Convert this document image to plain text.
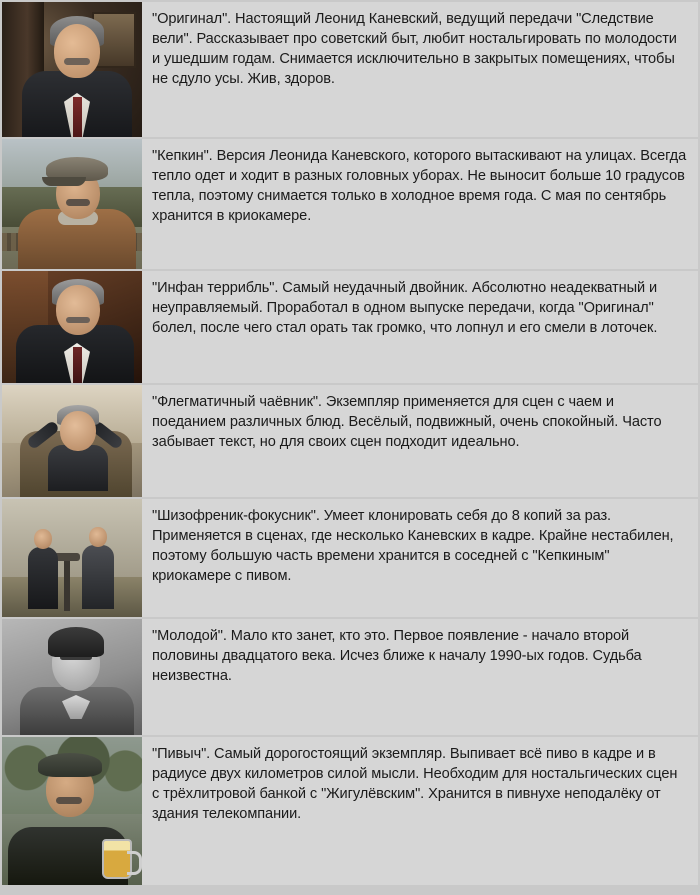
"Оригинал". Настоящий Леонид Каневский, ведущий передачи "Следствие вели". Рассказывает про советский быт, любит ностальгировать по молодости и ушедшим годам. Снимается исключительно в закрытых помещениях, чтобы не сдуло усы. Жив, здоров.

"Кепкин". Версия Леонида Каневского, которого вытаскивают на улицах. Всегда тепло одет и ходит в разных головных уборах. Не выносит больше 10 градусов тепла, поэтому снимается только в холодное время года. С мая по сентябрь хранится в криокамере.

"Инфан террибль". Самый неудачный двойник. Абсолютно неадекватный и неуправляемый. Проработал в одном выпуске передачи, когда "Оригинал" болел, после чего стал орать так громко, что лопнул и его смели в лоточек.

"Флегматичный чаёвник". Экземпляр применяется для сцен с чаем и поеданием различных блюд. Весёлый, подвижный, очень спокойный. Часто забывает текст, но для своих сцен подходит идеально.

"Шизофреник-фокусник". Умеет клонировать себя до 8 копий за раз. Применяется в сценах, где несколько Каневских в кадре. Крайне нестабилен, поэтому большую часть времени хранится в соседней с "Кепкиным" криокамере с пивом.

"Молодой". Мало кто занет, кто это. Первое появление - начало второй половины двадцатого века. Исчез ближе к началу 1990-ых годов. Судьба неизвестна.

"Пивыч". Самый дорогостоящий экземпляр. Выпивает всё пиво в кадре и в радиусе двух километров силой мысли. Необходим для ностальгических сцен с трёхлитровой банкой с "Жигулёвским". Хранится в пивнухе неподалёку от здания телекомпании.
